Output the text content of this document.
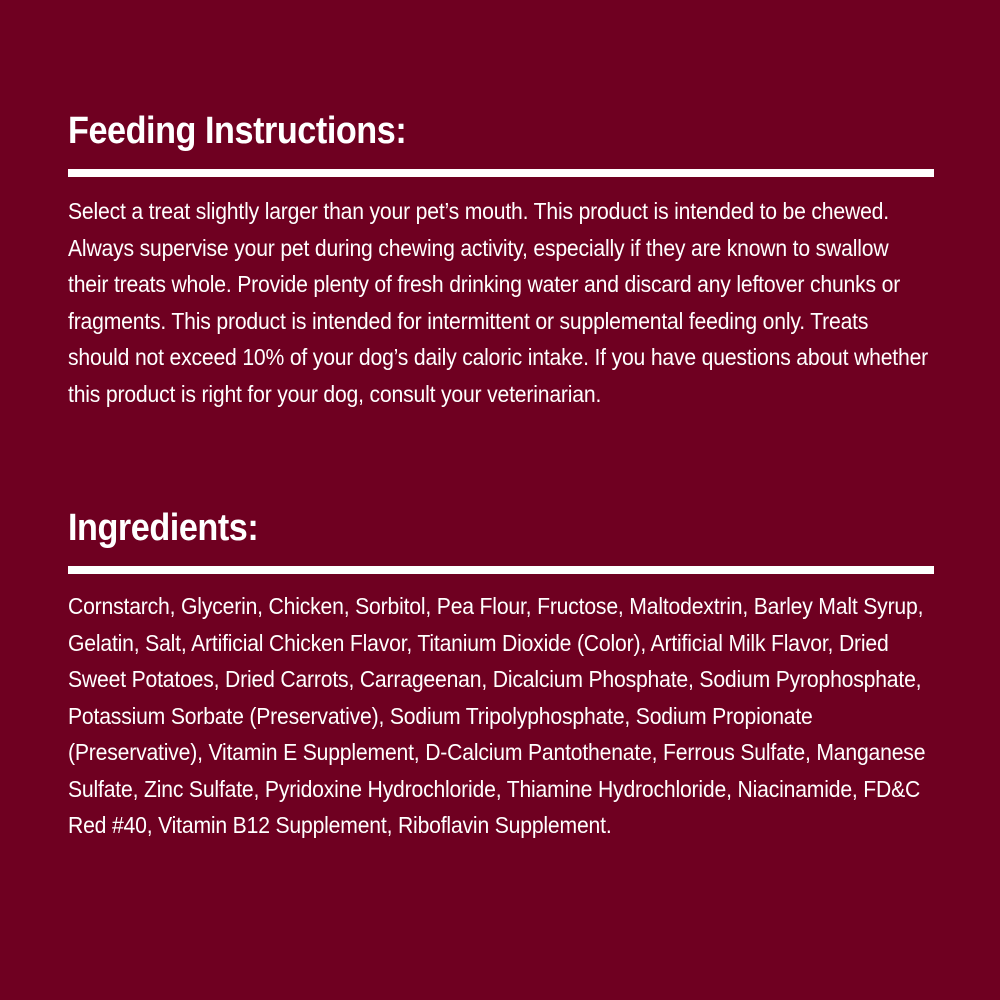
Feeding Instructions:

Select a treat slightly larger than your pet’s mouth. This product is intended to be chewed. Always supervise your pet during chewing activity, especially if they are known to swallow their treats whole. Provide plenty of fresh drinking water and discard any leftover chunks or fragments. This product is intended for intermittent or supplemental feeding only. Treats should not exceed 10% of your dog’s daily caloric intake. If you have questions about whether this product is right for your dog, consult your veterinarian.

Ingredients:

Cornstarch, Glycerin, Chicken, Sorbitol, Pea Flour, Fructose, Maltodextrin, Barley Malt Syrup, Gelatin, Salt, Artificial Chicken Flavor, Titanium Dioxide (Color), Artificial Milk Flavor, Dried Sweet Potatoes, Dried Carrots, Carrageenan, Dicalcium Phosphate, Sodium Pyrophosphate, Potassium Sorbate (Preservative), Sodium Tripolyphosphate, Sodium Propionate (Preservative), Vitamin E Supplement, D-Calcium Pantothenate, Ferrous Sulfate, Manganese Sulfate, Zinc Sulfate, Pyridoxine Hydrochloride, Thiamine Hydrochloride, Niacinamide, FD&C Red #40, Vitamin B12 Supplement, Riboflavin Supplement.
